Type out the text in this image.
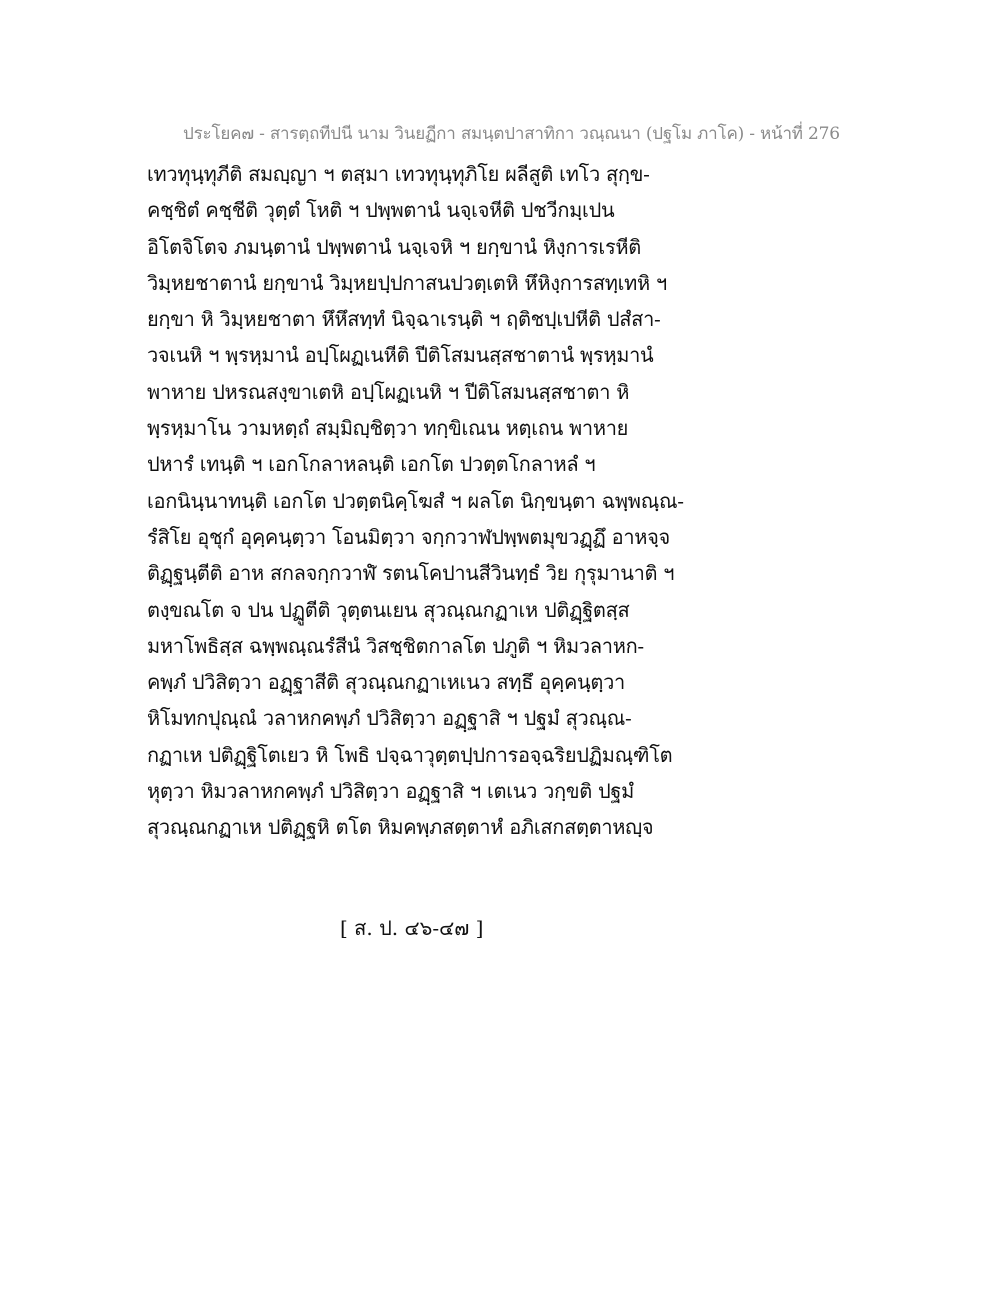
ประโยค๗ - สารตฺถทีปนี นาม วินยฏีกา สมนฺตปาสาทิกา วณฺณนา (ปฐโม ภาโค) - หน้าที่ 276
เทวทุนฺทุภีติ สมญฺญา ฯ ตสฺมา เทวทุนฺทุภิโย ผลีสูติ เทโว สุกฺข-
คชฺชิตํ คชฺชีติ วุตฺตํ โหติ ฯ ปพฺพตานํ นจฺเจหีติ ปชวีกมฺเปน
อิโตจิโตจ ภมนฺตานํ ปพฺพตานํ นจฺเจหิ ฯ ยกฺขานํ หิงฺการเรหีติ
วิมฺหยชาตานํ ยกฺขานํ วิมฺหยปฺปกาสนปวตฺเตหิ หึหิงฺการสทฺเทหิ ฯ
ยกฺขา หิ วิมฺหยชาตา หึหึสทฺทํ นิจฺฉาเรนฺติ ฯ ฤติชปฺเปหีติ ปสํสา-
วจเนหิ ฯ พฺรหฺมานํ อปฺโผฏเนหีติ ปีติโสมนสฺสชาตานํ พฺรหฺมานํ
พาหาย ปหรณสงฺขาเตหิ อปฺโผฏเนหิ ฯ ปีติโสมนสฺสชาตา หิ
พฺรหฺมาโน วามหตฺถํ สมฺมิญฺชิตฺวา ทกฺขิเณน หตฺเถน พาหาย
ปหารํ เทนฺติ ฯ เอกโกลาหลนฺติ เอกโต ปวตฺตโกลาหลํ ฯ
เอกนินฺนาทนฺติ เอกโต ปวตฺตนิคฺโฆสํ ฯ ผลโต นิกฺขนฺตา ฉพฺพณฺณ-
รํสิโย อุชุกํ อุคฺคนฺตฺวา โอนมิตฺวา จกฺกวาฬปพฺพตมุขวฏฺฏึ อาหจฺจ
ติฏฺฐนฺตีติ อาห สกลจกฺกวาฬํ รตนโคปานสีวินทฺธํ วิย กุรุมานาติ ฯ
ตงฺขณโต จ ปน ปฏูตีติ วุตฺตนเยน สุวณฺณกฏาเห ปติฏฺฐิตสฺส
มหาโพธิสฺส ฉพฺพณฺณรํสีนํ วิสชฺชิตกาลโต ปภูติ ฯ หิมวลาหก-
คพฺภํ ปวิสิตฺวา อฏฺฐาสีติ สุวณฺณกฏาเหเนว สทฺธึ อุคฺคนฺตฺวา
หิโมทกปุณฺณํ วลาหกคพฺภํ ปวิสิตฺวา อฏฺฐาสิ ฯ ปฐมํ สุวณฺณ-
กฏาเห ปติฏฺฐิโตเยว หิ โพธิ ปจฺฉาวุตฺตปฺปการอจฺฉริยปฏิมณฺฑิโต
หุตฺวา หิมวลาหกคพฺภํ ปวิสิตฺวา อฏฺฐาสิ ฯ เตเนว วกฺขติ ปฐมํ
สุวณฺณกฏาเห ปติฏฺฐหิ ตโต หิมคพฺภสตฺตาหํ อภิเสกสตฺตาหญฺจ
[ ส. ป. ๔๖-๔๗ ]
